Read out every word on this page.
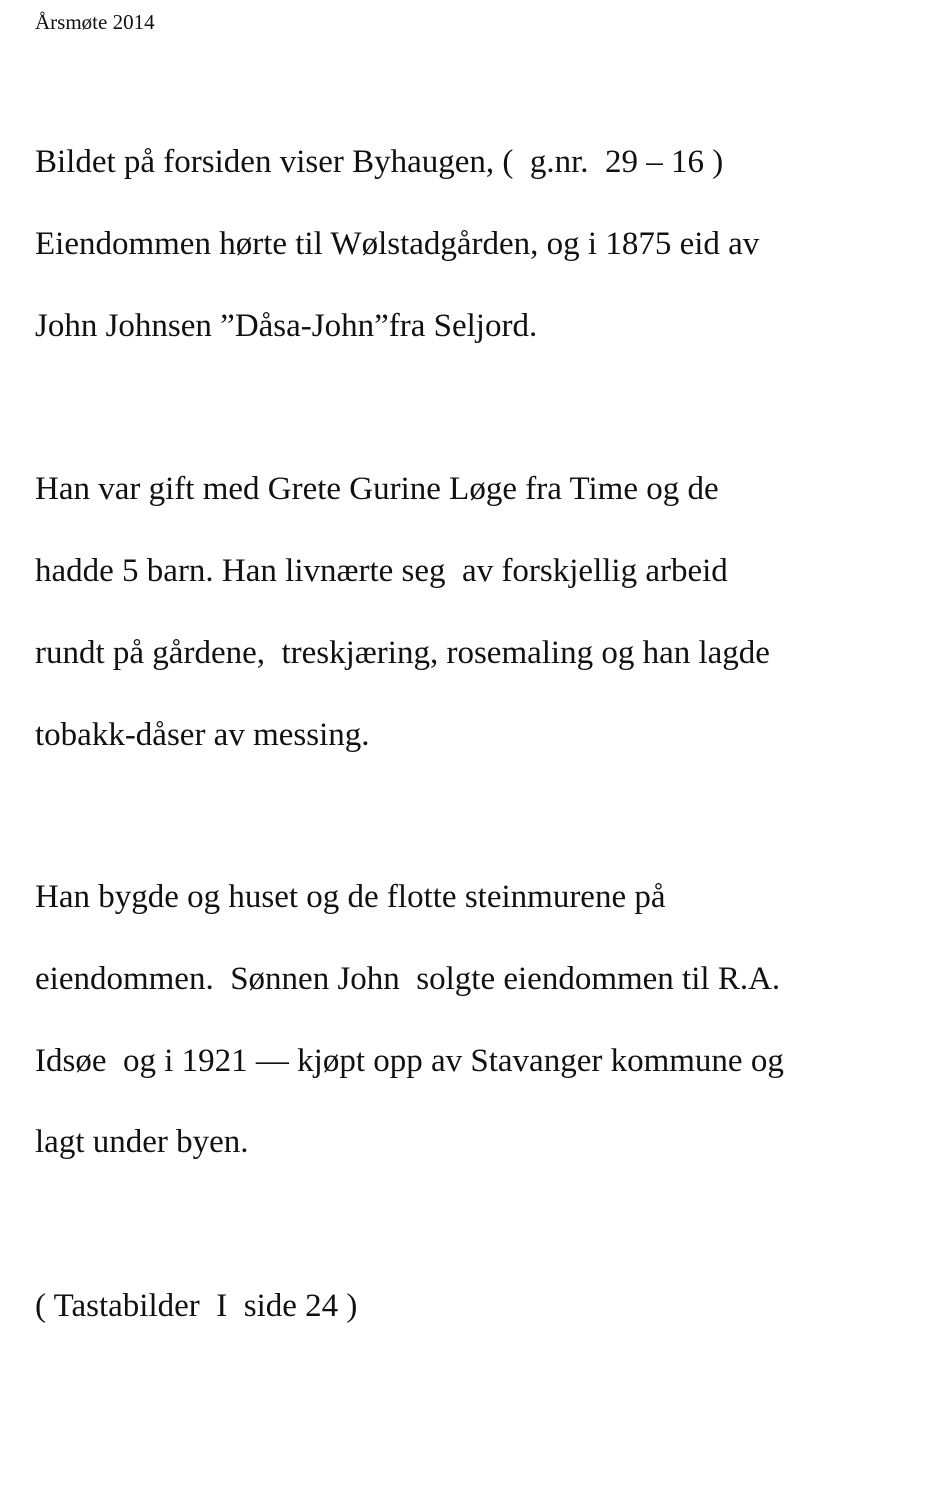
Årsmøte 2014
Bildet på forsiden viser Byhaugen, (  g.nr.  29 – 16 )
Eiendommen hørte til Wølstadgården, og i 1875 eid av
John Johnsen ”Dåsa-John”fra Seljord.
Han var gift med Grete Gurine Løge fra Time og de
hadde 5 barn. Han livnærte seg  av forskjellig arbeid
rundt på gårdene,  treskjæring, rosemaling og han lagde
tobakk-dåser av messing.
Han bygde og huset og de flotte steinmurene på
eiendommen.  Sønnen John  solgte eiendommen til R.A.
Idsøe  og i 1921 — kjøpt opp av Stavanger kommune og
lagt under byen.
( Tastabilder  I  side 24 )
